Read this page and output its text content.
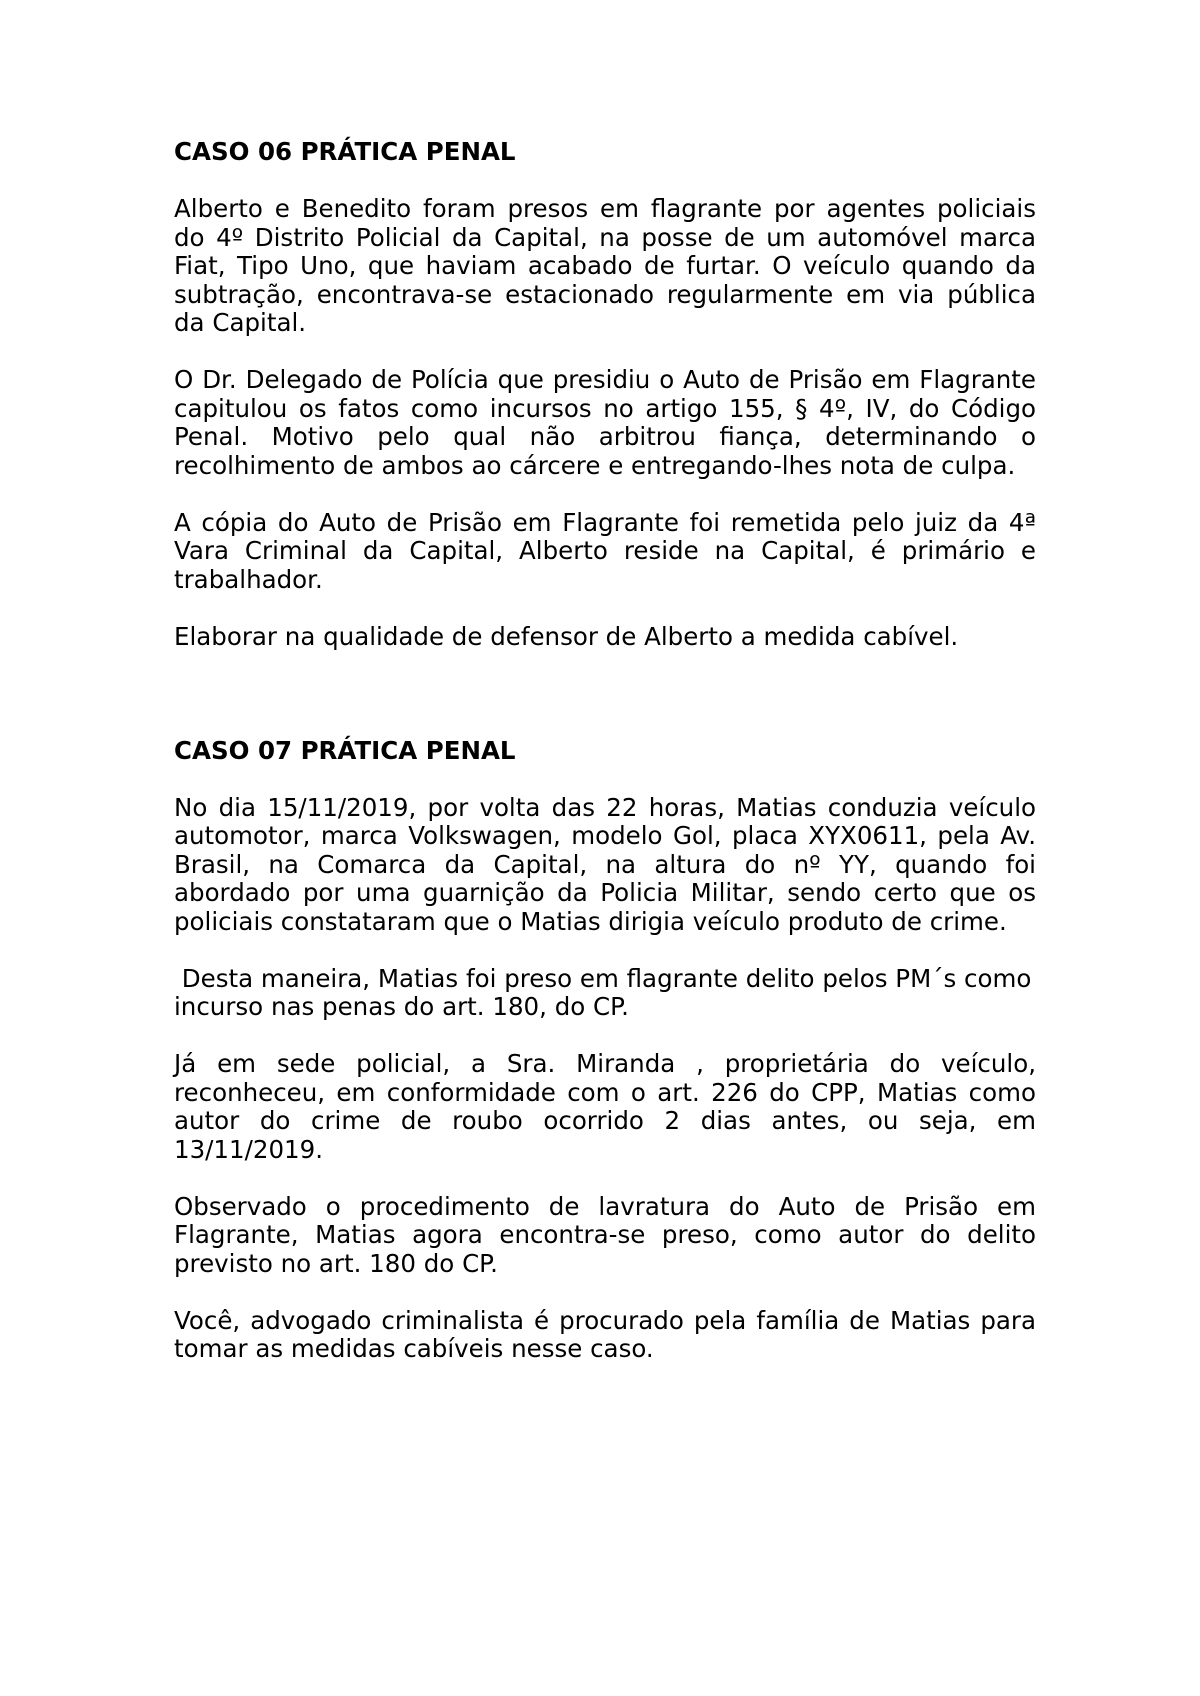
CASO 06 PRÁTICA PENAL

Alberto e Benedito foram presos em flagrante por agentes policiais do 4º Distrito Policial da Capital, na posse de um automóvel marca Fiat, Tipo Uno, que haviam acabado de furtar. O veículo quando da subtração, encontrava-se estacionado regularmente em via pública da Capital.

O Dr. Delegado de Polícia que presidiu o Auto de Prisão em Flagrante capitulou os fatos como incursos no artigo 155, § 4º, IV, do Código Penal. Motivo pelo qual não arbitrou fiança, determinando o recolhimento de ambos ao cárcere e entregando-lhes nota de culpa.

A cópia do Auto de Prisão em Flagrante foi remetida pelo juiz da 4ª Vara Criminal da Capital, Alberto reside na Capital, é primário e trabalhador.

Elaborar na qualidade de defensor de Alberto a medida cabível.

CASO 07 PRÁTICA PENAL

No dia 15/11/2019, por volta das 22 horas, Matias conduzia veículo automotor, marca Volkswagen, modelo Gol, placa XYX0611, pela Av. Brasil, na Comarca da Capital, na altura do nº YY, quando foi abordado por uma guarnição da Policia Militar, sendo certo que os policiais constataram que o Matias dirigia veículo produto de crime.

Desta maneira, Matias foi preso em flagrante delito pelos PM´s como incurso nas penas do art. 180, do CP.

Já em sede policial, a Sra. Miranda , proprietária do veículo, reconheceu, em conformidade com o art. 226 do CPP, Matias como autor do crime de roubo ocorrido 2 dias antes, ou seja, em 13/11/2019.

Observado o procedimento de lavratura do Auto de Prisão em Flagrante, Matias agora encontra-se preso, como autor do delito previsto no art. 180 do CP.

Você, advogado criminalista é procurado pela família de Matias para tomar as medidas cabíveis nesse caso.
